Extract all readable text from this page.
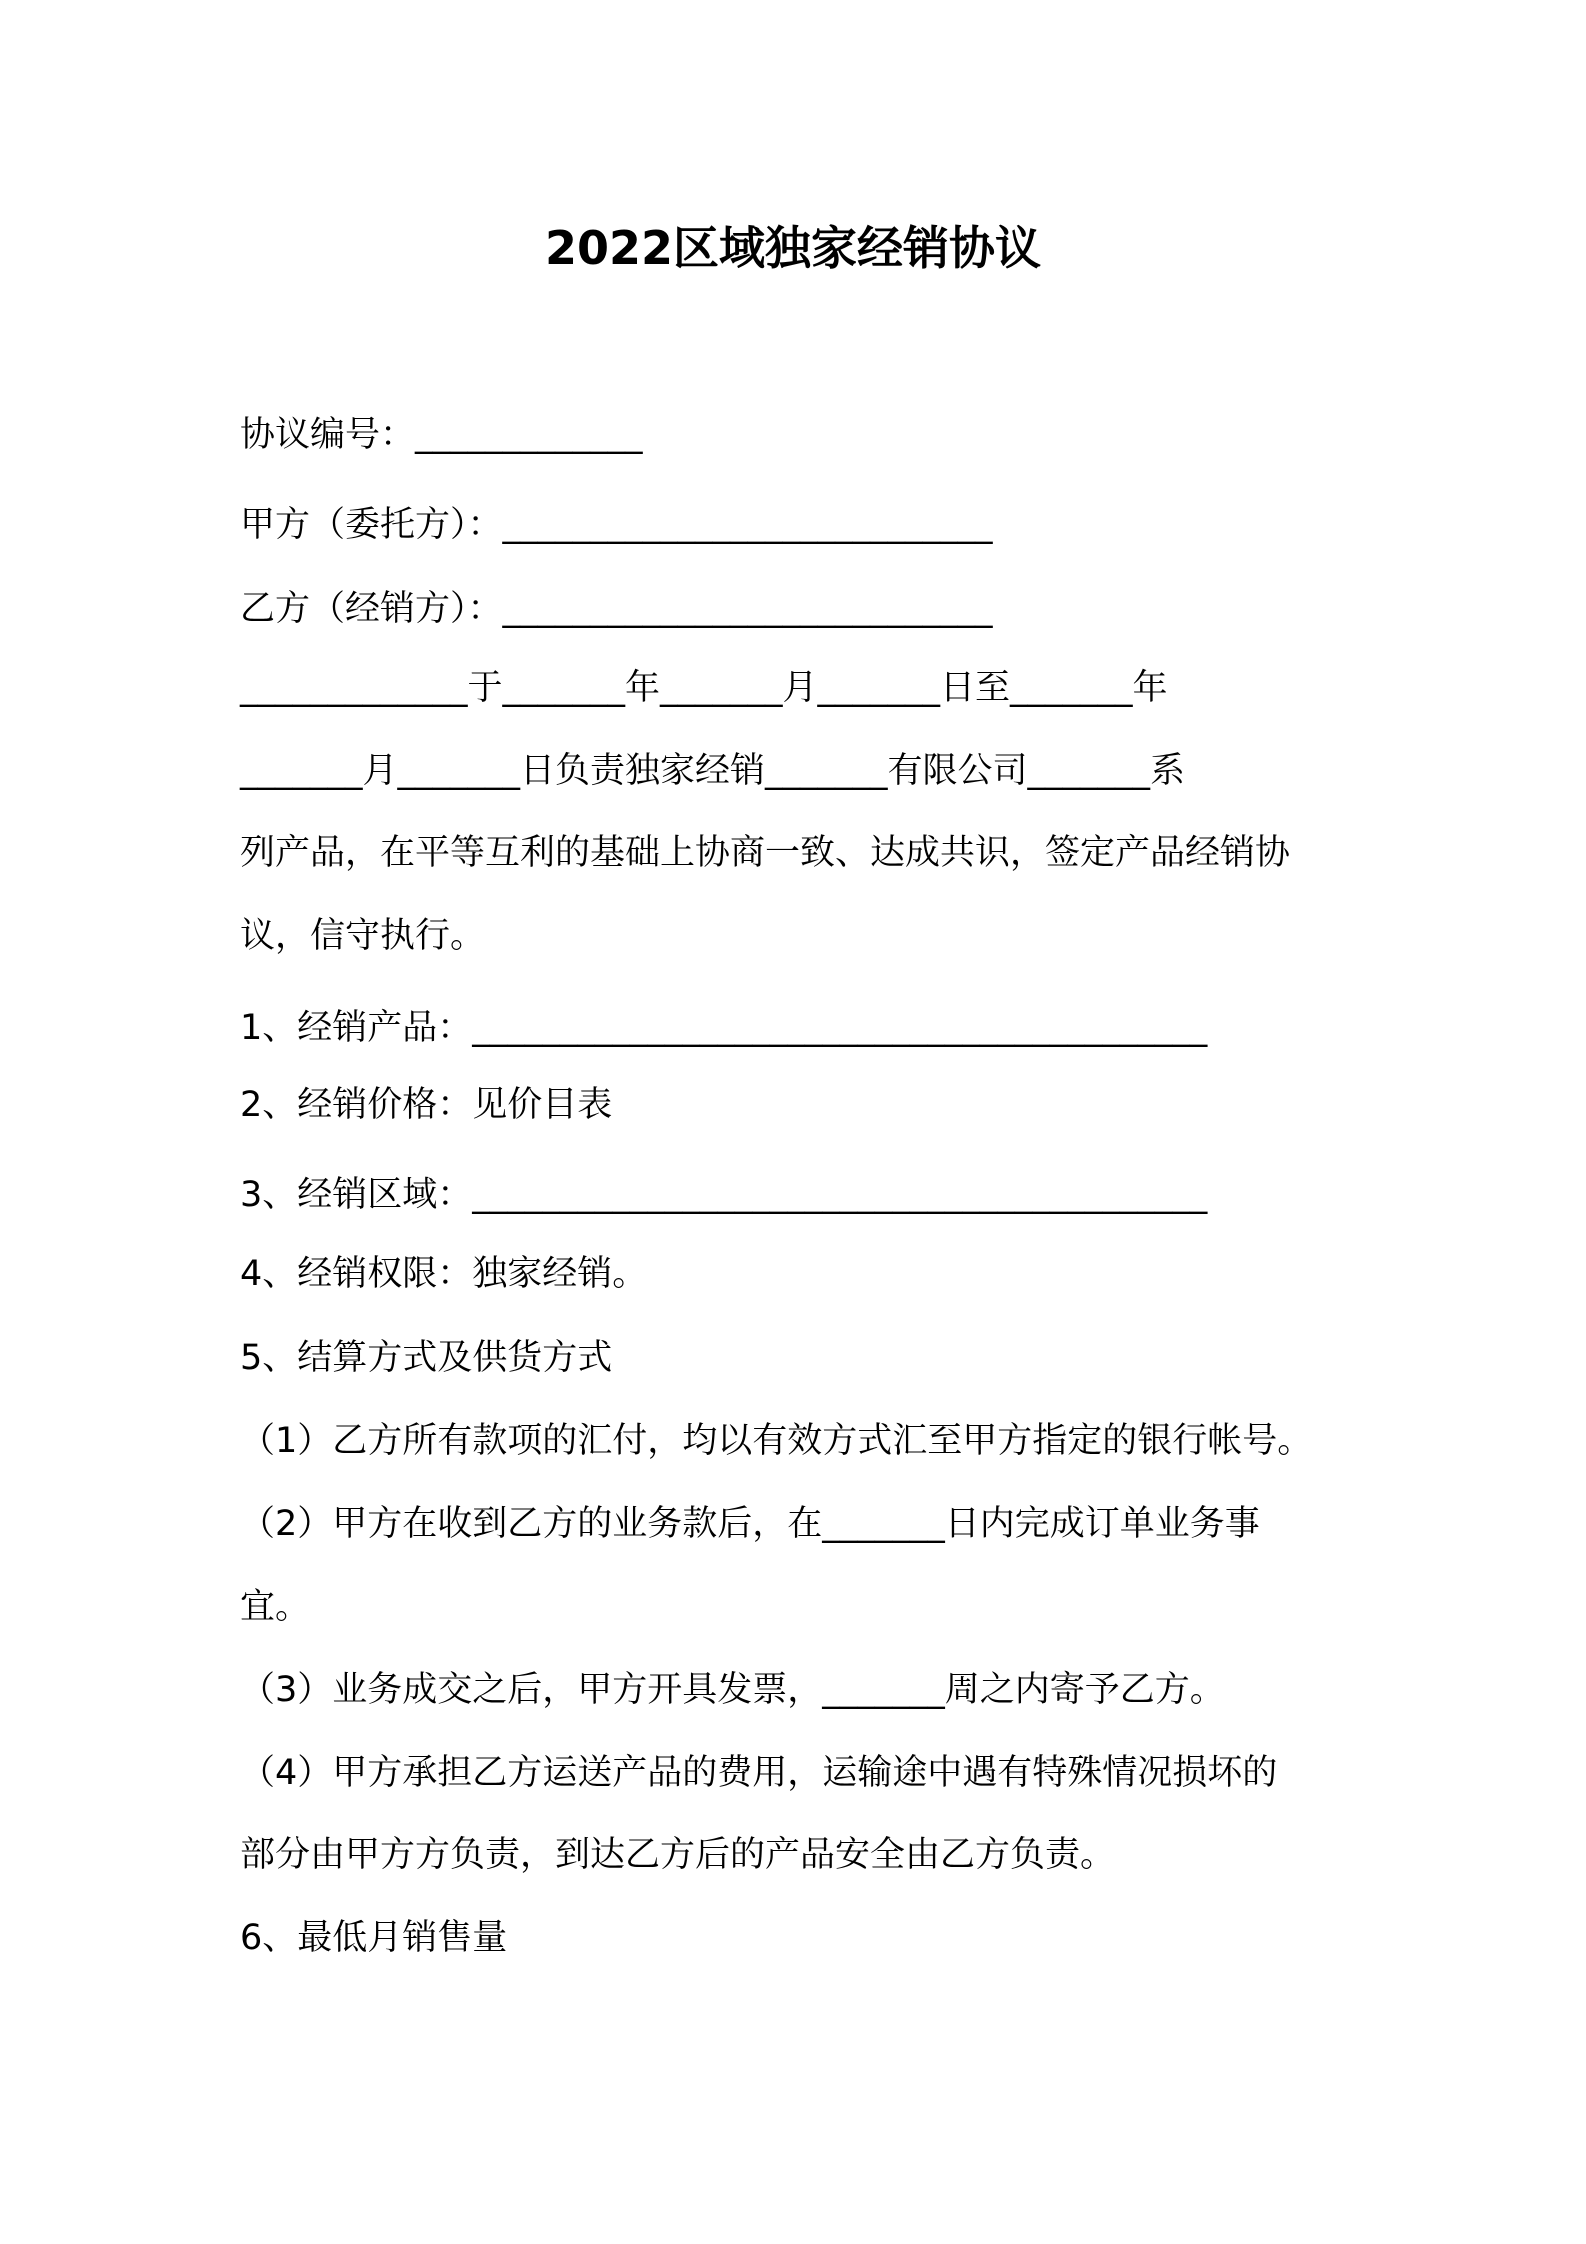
2022区域独家经销协议
协议编号：_____________
甲方（委托方）：____________________________
乙方（经销方）：____________________________
_____________于_______年_______月_______日至_______年
_______月_______日负责独家经销_______有限公司_______系
列产品，在平等互利的基础上协商一致、达成共识，签定产品经销协
议，信守执行。
1、经销产品：__________________________________________
2、经销价格：见价目表
3、经销区域：__________________________________________
4、经销权限：独家经销。
5、结算方式及供货方式
（1）乙方所有款项的汇付，均以有效方式汇至甲方指定的银行帐号。
（2）甲方在收到乙方的业务款后，在_______日内完成订单业务事
宜。
（3）业务成交之后，甲方开具发票，_______周之内寄予乙方。
（4）甲方承担乙方运送产品的费用，运输途中遇有特殊情况损坏的
部分由甲方方负责，到达乙方后的产品安全由乙方负责。
6、最低月销售量
